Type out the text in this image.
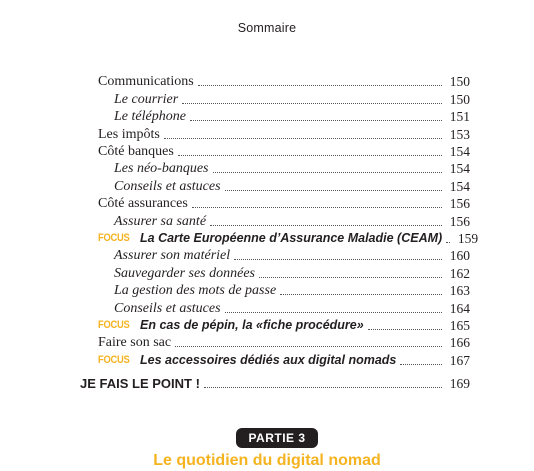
Sommaire
Communications	150
Le courrier	150
Le téléphone	151
Les impôts	153
Côté banques	154
Les néo-banques	154
Conseils et astuces	154
Côté assurances	156
Assurer sa santé	156
FOCUS La Carte Européenne d’Assurance Maladie (CEAM) 159
Assurer son matériel	160
Sauvegarder ses données	162
La gestion des mots de passe	163
Conseils et astuces	164
FOCUS En cas de pépin, la «fiche procédure»	165
Faire son sac	166
FOCUS Les accessoires dédiés aux digital nomads	167
JE FAIS LE POINT !	169
PARTIE 3
Le quotidien du digital nomad
